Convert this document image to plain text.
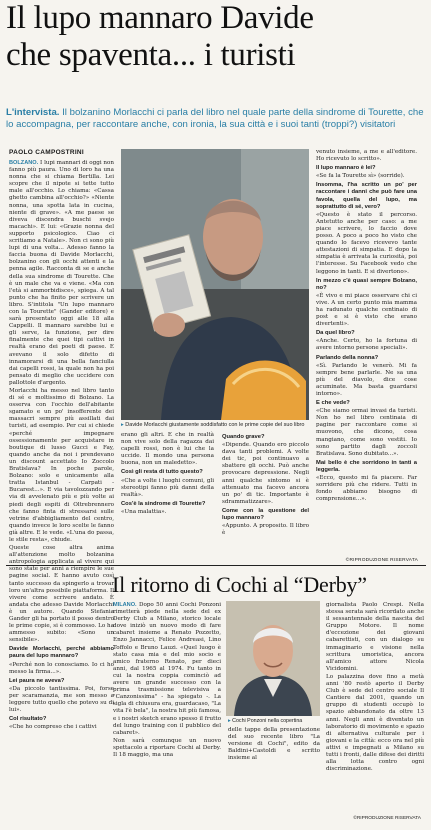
Il lupo mannaro Davide
che spaventa... i turisti
L'intervista. Il bolzanino Morlacchi ci parla del libro nel quale parte della sindrome di Tourette, che lo accompagna, per raccontare anche, con ironia, la sua città e i suoi tanti (troppi?) visitatori
PAOLO CAMPOSTRINI

BOLZANO. I lupi mannari di oggi non fanno più paura. Uno di loro ha una nonna che si chiama Bertilla. Lei scopre che il nipote si tette tutto male all'occhio. Lo chiama: «Cassa ghetto cambina all'occhio?» «Niente nonna, una spotta lata in cucina, niente di grave». «A me paese se diveva discendra buschi svejo macachi». E lui: «Grazie nonna del supporto psicologico. Ciao ci scritiamo a Natale». Non ci sono più lupi di una volta... Adesso fanno la faccia buona di Davide Morlacchi, bolzanino con gli occhi attenti e la penna agile. Racconta di se e anche della sua sindrome di Tourette. Che è un male che va e viene. «Ma con l'età si ammorbidisce», spiega. A tal punto che ha finito per scrivere un libro. S'intitola "Un lupo mannaro con la Tourette" (Gander editore) e sarà presentato oggi alle 18 alla Cappelli. Il mannaro sarebbe lui e gli serve, la funzione, per dire finalmente che quei tipi cattivi in realtà erano dei poeti di paese. E avevano il solo difetto di innamorarsi di una bella fanciulla dai capelli rossi, la quale non ha poi pensato di meglio che uccidere con pallottole d'argento.

Morlacchi ha messo nel libro tanto di sé e moltissimo di Bolzano. La osserva con l'occhio dell'abitante sgamato e un po' insofferente dei massacri sempre più assillati dai turisti, ad esempio. Per cui si chiede «perché impegnare ossessionamente per acquistare in boutique di lusso Gucci e Fay, quando anche da noi i prendevano un discount accettato Io Zoccolo Bratislava? In poche parole, Bolzano: solo e unicamente alla tratta Istanbul - Carpati - Bucarest...». E via tavolozzando per via di avvelenato più e più volte ai piedi degli espiti di Oltrebrennero che fanno finta di stressarsi sulle vetrine d'abbigliamento del centro, quando invece le loro scelte le fanno già altre. E le vede. «L'una do passa, le stile resta», chiude.

Queste cose altra anima all'attenzione molto bolzanina antropologia applicata al vivere qui sono state per anni a riempire le sue pagine social. E hanno avuto così tanto successo da spingerlo a trovar loro un'altra possibile piattaforma. Il vivere come scrivere andato. È andata che adesso Davide Morlacchi è un autore. Quando Stefania Gander gli ha portato il posso dentro le prime copie, si è commosso. Lo ha ammesso subito: «Sono un sensibile».

Davide Morlacchi, perché abbiamo paura del lupo mannaro?

«Perché non lo conosciamo. Io ci ho messo la firma...».

Lei paura ne aveva?

«Da piccolo tantissima. Poi, forse per scaramanzia, me son messo a leggere tutto quello che potevo su di lui».

Col risultato?

«Che ho compreso che i cattivi

▸ Davide Morlacchi giustamente soddisfatto con le prime copie del suo libro

erano gli altri. E che in realtà non vive solo della ragazza dai capelli rossi, non è lui che la uccide. Il mondo una persona buona, non un maledetto».

Così gli resta di tutto questo?

«Che a volte i luoghi comuni, gli stereotipi fanno più danni della realtà».

Cos'è la sindrome di Tourette?

«Una malattia».

Quando grave?

«Dipende. Quando ero piccolo dava tanti problemi. A volte dei tic, poi continuavo a sbattere gli occhi. Può anche provocare depressione. Negli anni qualche sintomo si è attenuato ma facevo ancora un po' di tic. Importante è sdrammatizzare».

Come con la questione del lupo mannaro?

«Appunto. A proposito. Il libro è

venuto insieme, a me e all'editore. Ho ricevuto lo scritto».

Il lupo mannaro è lei?

«Se fa la Tourette sì» (sorride).

Insomma, l'ha scritto un po' per raccontare i danni che può fare una favola, quella del lupo, ma soprattutto di sé, vero?

«Questo è stato il percorso. Antetutto anche per caso: a me piace scrivere, lo faccio dove posso. A poco a poco ho visto che quando lo facevo ricevevo tante attestazioni di simpatia. E dopo la simpatia è arrivata la curiosità, poi l'interesse. Su Facebook vedo che leggono in tanti. E si divertono».

In mezzo c'è quasi sempre Bolzano, no?

«È vivo e mi piace osservare chi ci vive. A un certo punto mia mamma ha radunato qualche centinaio di post e si è visto che erano divertenti».

Da quel libro?

«Anche. Certo, ho la fortuna di avere intorno persone speciali».

Parlando della nonna?

«Sì. Parlando le venerò. Mi fa sempre bene parlarle. Ne sa una più del diavolo, dice cose acuminate. Ma basta guardarsi intorno».

E che vede?

«Che siamo ormai invasi da turisti. Non ho nel libro centinaia di pagine per raccontare come si muovono, che dicono, cosa mangiano, come sono vestiti. Io sono partito dagli zoccoli Bratislava. Sono dubitato...».

Mai bello è che sorridono in tanti a leggerla.

«Ecco, questo mi fa piacere. Far sorridere più che ridere. Tutti in fondo abbiamo bisogno di comprensione...».

©RIPRODUZIONE RISERVATA
Il ritorno di Cochi al “Derby”

MILANO. Dopo 50 anni Cochi Ponzoni rimetterà piede nella sede del ex Derby Club a Milano, storico locale dove iniziò un nuovo modo di fare cabaret insieme a Renato Pozzetto, Enzo Jannacci, Felice Andreasi, Lino Toffolo e Bruno Lauzi. «Quel luogo è stato casa mia e del mio socio e amico fraterno Renato, per dieci anni, dal 1965 al 1974. Fu tanto in cui la nostra coppia cominciò ad avere un grande successo con la prima trasmissione televisiva a "Canzonissima" - ha spiegato -. La sigla di chiusura era, guardacaso, "La vita l'è bela", la nostra hit più famosa, e i nostri sketch erano spesso il frutto del lungo training con il pubblico del cabaret».

Non sarà comunque un nuovo spettacolo a riportare Cochi al Derby. Il 18 maggio, ma una

▸ Cochi Ponzoni nella copertina

delle tappe della presentazione del suo recente libro "La versione di Cochi", edito da Baldini+Castoldi e scritto insieme al

giornalista Paolo Crespi. Nella stessa serata sarà ricordato anche il sessantennale della nascita del Gruppo Motore. Il nome d'eccezione dei giovani cabarettisti, con un dialogo su immaginario e visione nella scrittura umoristica, ancora all'amico attore Nicola Vicidomini.

Lo palazzina dove fino a metà anni '80 restò aperto il Derby Club è sede del centro sociale Il Cantiere dal 2001, quando un gruppo di studenti occupò lo spazio abbandonato da oltre 13 anni. Negli anni è diventato un laboratorio di movimento e spazio di alternativa culturale per i giovani e la città: ecco ora nel più attivi e impegnati a Milano su tutti i fronti, dalle difese dei diritti alla lotta contro ogni discriminazione.

©RIPRODUZIONE RISERVATA
